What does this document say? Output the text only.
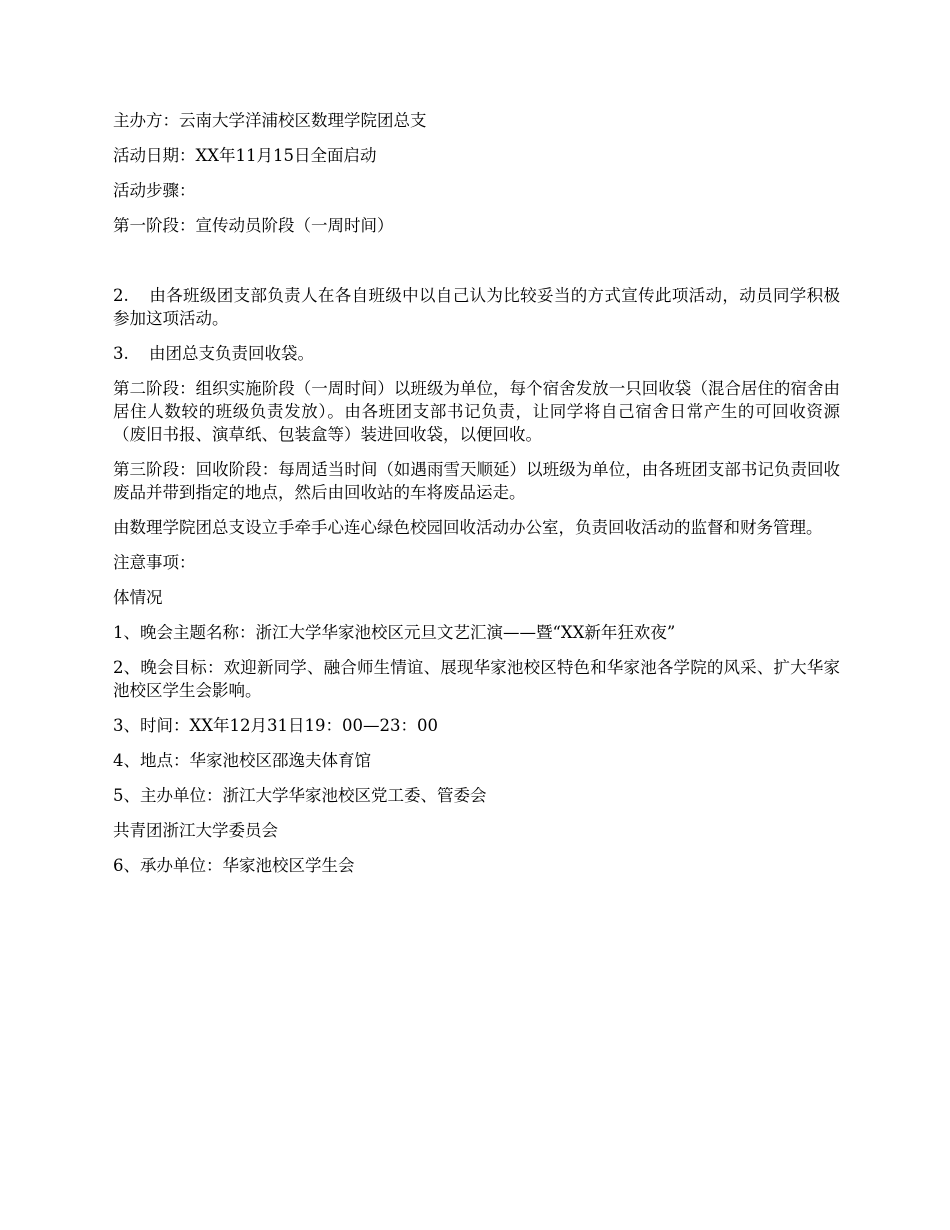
主办方：云南大学洋浦校区数理学院团总支

活动日期：XX年11月15日全面启动

活动步骤：

第一阶段：宣传动员阶段（一周时间）

2. 由各班级团支部负责人在各自班级中以自己认为比较妥当的方式宣传此项活动，动员同学积极参加这项活动。

3. 由团总支负责回收袋。

第二阶段：组织实施阶段（一周时间）以班级为单位，每个宿舍发放一只回收袋（混合居住的宿舍由居住人数较的班级负责发放）。由各班团支部书记负责，让同学将自己宿舍日常产生的可回收资源（废旧书报、演草纸、包装盒等）装进回收袋，以便回收。

第三阶段：回收阶段：每周适当时间（如遇雨雪天顺延）以班级为单位，由各班团支部书记负责回收废品并带到指定的地点，然后由回收站的车将废品运走。

由数理学院团总支设立手牵手心连心绿色校园回收活动办公室，负责回收活动的监督和财务管理。

注意事项：

体情况

1、晚会主题名称：浙江大学华家池校区元旦文艺汇演——暨“XX新年狂欢夜”

2、晚会目标：欢迎新同学、融合师生情谊、展现华家池校区特色和华家池各学院的风采、扩大华家池校区学生会影响。

3、时间：XX年12月31日19：00—23：00

4、地点：华家池校区邵逸夫体育馆

5、主办单位：浙江大学华家池校区党工委、管委会

共青团浙江大学委员会

6、承办单位：华家池校区学生会
